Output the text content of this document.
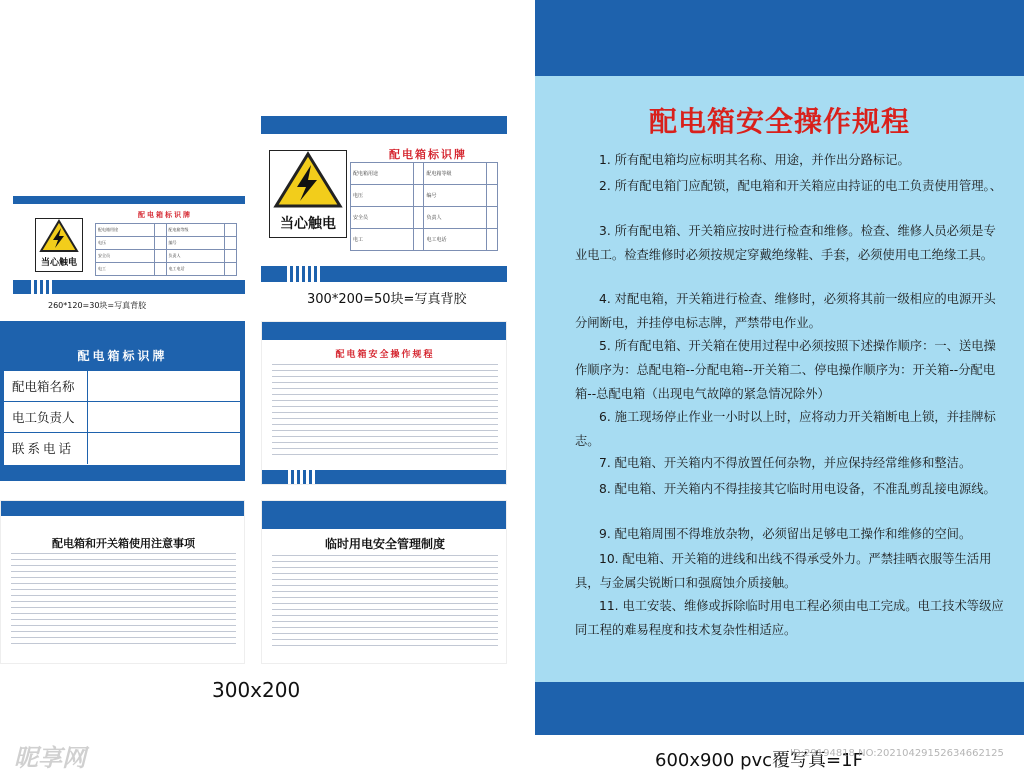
当心触电
配电箱标识牌
配电箱用途		配电箱等级	
电压		编号	
安全员		负责人	
电工		电工电话	
260*120=30块=写真背胶
当心触电
配电箱标识牌
配电箱用途		配电箱等级	
电压		编号	
安全员		负责人	
电工		电工电话	
300*200=50块=写真背胶
配电箱标识牌
配电箱名称
电工负责人
联系电话
配电箱安全操作规程
配电箱和开关箱使用注意事项	临时用电安全管理制度
300x200
配电箱安全操作规程
1. 所有配电箱均应标明其名称、用途，并作出分路标记。
2. 所有配电箱门应配锁，配电箱和开关箱应由持证的电工负责使用管理。、
3. 所有配电箱、开关箱应按时进行检查和维修。检查、维修人员必须是专业电工。检查维修时必须按规定穿戴绝缘鞋、手套，必须使用电工绝缘工具。
4. 对配电箱，开关箱进行检查、维修时，必须将其前一级相应的电源开头分闸断电，并挂停电标志牌，严禁带电作业。
5. 所有配电箱、开关箱在使用过程中必须按照下述操作顺序：一、送电操作顺序为：总配电箱--分配电箱--开关箱二、停电操作顺序为：开关箱--分配电箱--总配电箱（出现电气故障的紧急情况除外）
6. 施工现场停止作业一小时以上时，应将动力开关箱断电上锁，并挂牌标志。
7. 配电箱、开关箱内不得放置任何杂物，并应保持经常维修和整洁。
8. 配电箱、开关箱内不得挂接其它临时用电设备，不准乱剪乱接电源线。
9. 配电箱周围不得堆放杂物，必须留出足够电工操作和维修的空间。
10. 配电箱、开关箱的进线和出线不得承受外力。严禁挂晒衣服等生活用具，与金属尖锐断口和强腐蚀介质接触。
11. 电工安装、维修或拆除临时用电工程必须由电工完成。电工技术等级应同工程的难易程度和技术复杂性相适应。
600x900 pvc覆写真=1F
昵享网	ID:29194818 NO:20210429152634662125
